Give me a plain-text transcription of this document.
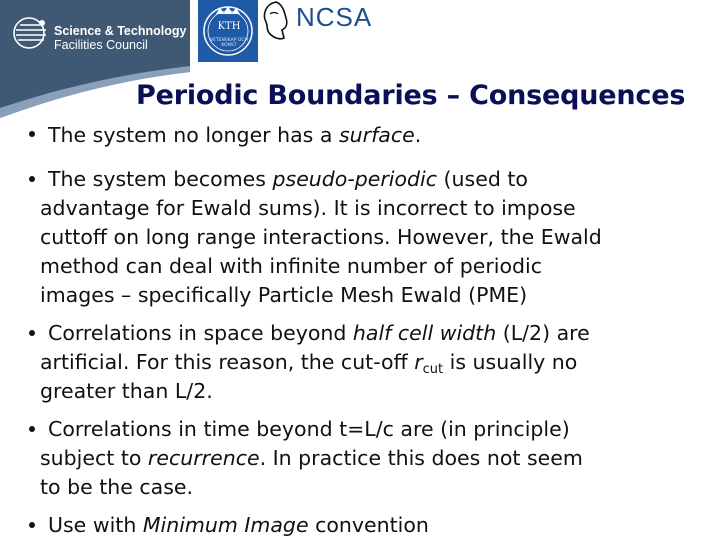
Science & Technology
Facilities Council
KTH
VETENSKAP OCH KONST
NCSA
Periodic Boundaries – Consequences
The system no longer has a surface.
The system becomes pseudo-periodic (used to
advantage for Ewald sums). It is incorrect to impose
cuttoff on long range interactions. However, the Ewald
method can deal with infinite number of periodic
images – specifically Particle Mesh Ewald (PME)
Correlations in space beyond half cell width (L/2) are
artificial. For this reason, the cut-off $r_{cut}$ is usually no
greater than L/2.
Correlations in time beyond t=L/c are (in principle)
subject to recurrence. In practice this does not seem
to be the case.
Use with Minimum Image convention
